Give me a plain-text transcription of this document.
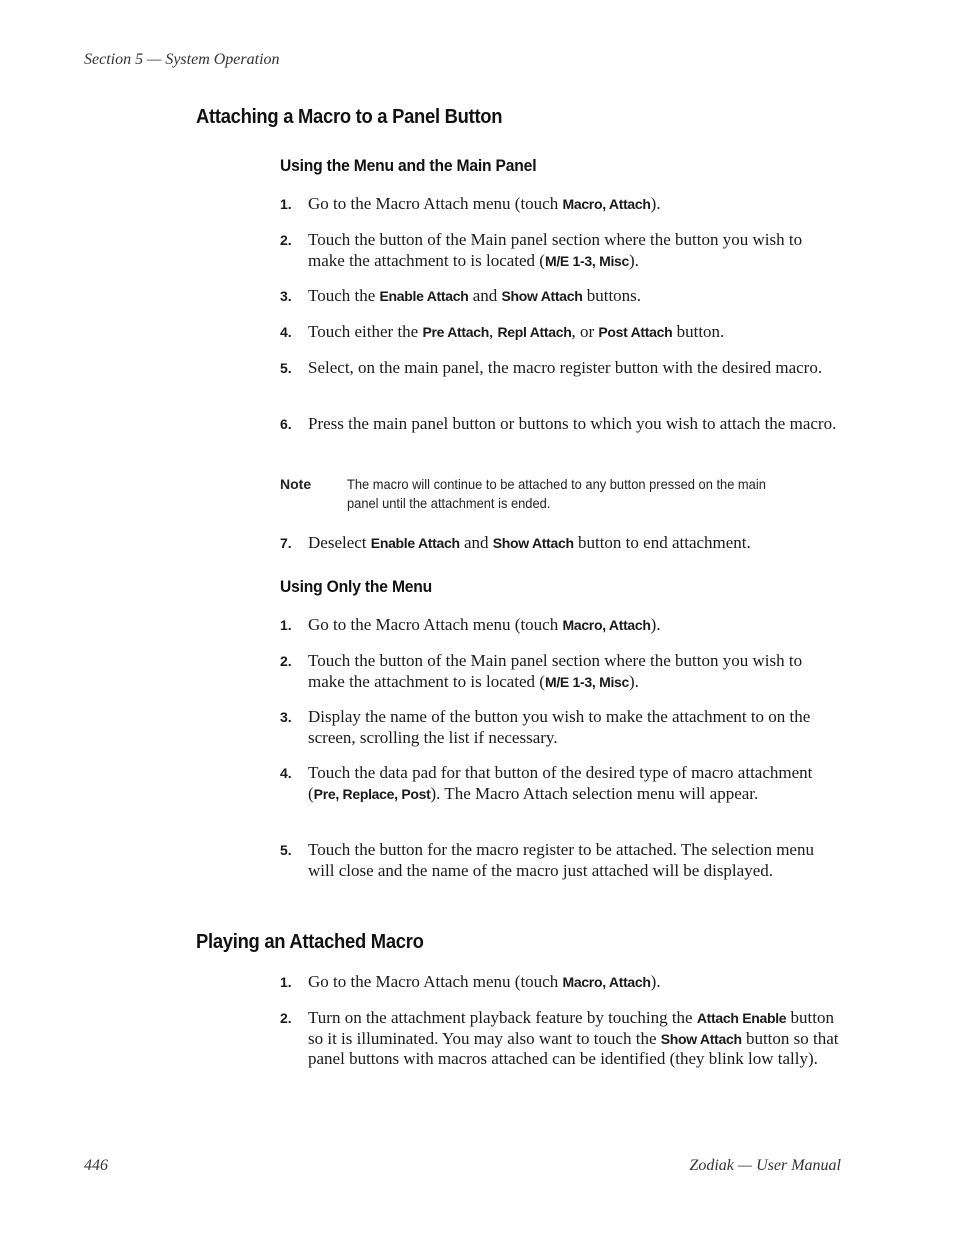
Section 5 — System Operation
Attaching a Macro to a Panel Button
Using the Menu and the Main Panel
1. Go to the Macro Attach menu (touch Macro, Attach).
2. Touch the button of the Main panel section where the button you wish to make the attachment to is located (M/E 1-3, Misc).
3. Touch the Enable Attach and Show Attach buttons.
4. Touch either the Pre Attach, Repl Attach, or Post Attach button.
5. Select, on the main panel, the macro register button with the desired macro.
6. Press the main panel button or buttons to which you wish to attach the macro.
Note	The macro will continue to be attached to any button pressed on the main panel until the attachment is ended.
7. Deselect Enable Attach and Show Attach button to end attachment.
Using Only the Menu
1. Go to the Macro Attach menu (touch Macro, Attach).
2. Touch the button of the Main panel section where the button you wish to make the attachment to is located (M/E 1-3, Misc).
3. Display the name of the button you wish to make the attachment to on the screen, scrolling the list if necessary.
4. Touch the data pad for that button of the desired type of macro attachment (Pre, Replace, Post). The Macro Attach selection menu will appear.
5. Touch the button for the macro register to be attached. The selection menu will close and the name of the macro just attached will be displayed.
Playing an Attached Macro
1. Go to the Macro Attach menu (touch Macro, Attach).
2. Turn on the attachment playback feature by touching the Attach Enable button so it is illuminated. You may also want to touch the Show Attach button so that panel buttons with macros attached can be identified (they blink low tally).
446	Zodiak — User Manual
